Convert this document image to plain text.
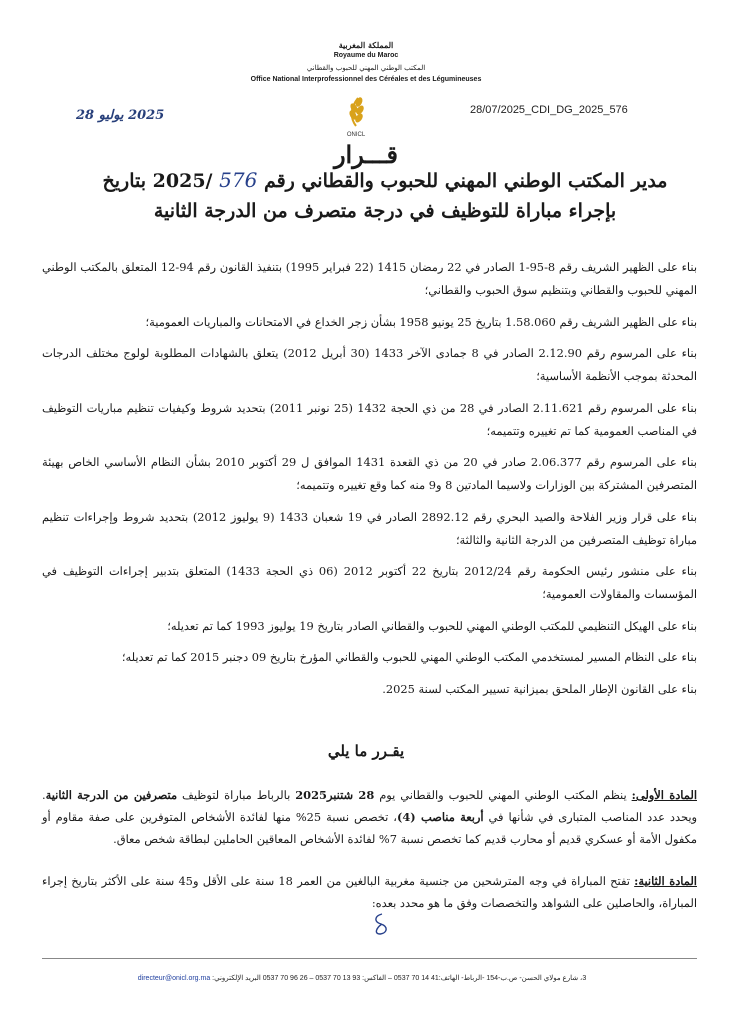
المملكة المغربية
Royaume du Maroc
المكتب الوطني المهني للحبوب والقطاني
Office National Interprofessionnel des Céréales et des Légumineuses
ONICL
28/07/2025_CDI_DG_2025_576
2025 يوليو 28
قـــرار
مدير المكتب الوطني المهني للحبوب والقطاني رقم 576 /2025 بتاريخ
بإجراء مباراة للتوظيف في درجة متصرف من الدرجة الثانية

بناء على الظهير الشريف رقم 8-95-1 الصادر في 22 رمضان 1415 (22 فبراير 1995) بتنفيذ القانون رقم 94-12 المتعلق بالمكتب الوطني المهني للحبوب والقطاني وبتنظيم سوق الحبوب والقطاني؛

بناء على الظهير الشريف رقم 1.58.060 بتاريخ 25 يونيو 1958 بشأن زجر الخداع في الامتحانات والمباريات العمومية؛

بناء على المرسوم رقم 2.12.90 الصادر في 8 جمادى الآخر 1433 (30 أبريل 2012) يتعلق بالشهادات المطلوبة لولوج مختلف الدرجات المحدثة بموجب الأنظمة الأساسية؛

بناء على المرسوم رقم 2.11.621 الصادر في 28 من ذي الحجة 1432 (25 نونبر 2011) بتحديد شروط وكيفيات تنظيم مباريات التوظيف في المناصب العمومية كما تم تغييره وتتميمه؛

بناء على المرسوم رقم 2.06.377 صادر في 20 من ذي القعدة 1431 الموافق ل 29 أكتوبر 2010 بشأن النظام الأساسي الخاص بهيئة المتصرفين المشتركة بين الوزارات ولاسيما المادتين 8 و9 منه كما وقع تغييره وتتميمه؛

بناء على قرار وزير الفلاحة والصيد البحري رقم 2892.12 الصادر في 19 شعبان 1433 (9 يوليوز 2012) بتحديد شروط وإجراءات تنظيم مباراة توظيف المتصرفين من الدرجة الثانية والثالثة؛

بناء على منشور رئيس الحكومة رقم 2012/24 بتاريخ 22 أكتوبر 2012 (06 ذي الحجة 1433) المتعلق بتدبير إجراءات التوظيف في المؤسسات والمقاولات العمومية؛

بناء على الهيكل التنظيمي للمكتب الوطني المهني للحبوب والقطاني الصادر بتاريخ 19 يوليوز 1993 كما تم تعديله؛

بناء على النظام المسير لمستخدمي المكتب الوطني المهني للحبوب والقطاني المؤرخ بتاريخ 09 دجنبر 2015 كما تم تعديله؛

بناء على القانون الإطار الملحق بميزانية تسيير المكتب لسنة 2025.

يقـرر ما يلي
المادة الأولى: ينظم المكتب الوطني المهني للحبوب والقطاني يوم 28 شتنبر2025 بالرباط مباراة لتوظيف متصرفين من الدرجة الثانية. ويحدد عدد المناصب المتبارى في شأنها في أربعة مناصب (4)، تخصص نسبة 25% منها لفائدة الأشخاص المتوفرين على صفة مقاوم أو مكفول الأمة أو عسكري قديم أو محارب قديم كما تخصص نسبة 7% لفائدة الأشخاص المعاقين الحاملين لبطاقة شخص معاق.
المادة الثانية: تفتح المباراة في وجه المترشحين من جنسية مغربية البالغين من العمر 18 سنة على الأقل و45 سنة على الأكثر بتاريخ إجراء المباراة، والحاصلين على الشواهد والتخصصات وفق ما هو محدد بعده:
3، شارع مولاي الحسن- ص.ب-154 -الرباط- الهاتف:41 14 70 0537 – الفاكس: 93 13 70 0537 – 26 96 70 0537 البريد الإلكتروني: directeur@onicl.org.ma
